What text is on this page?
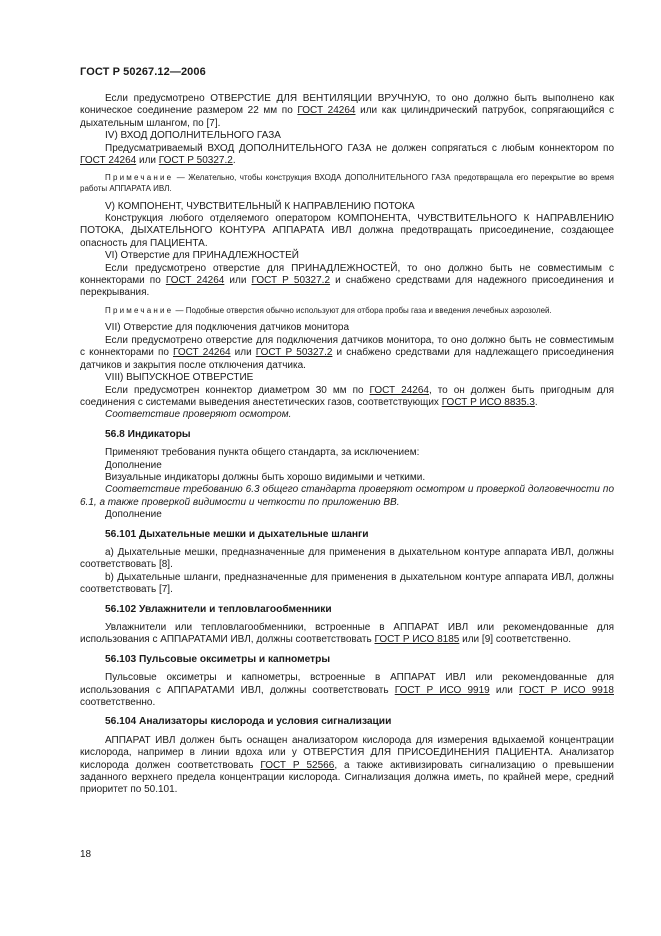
ГОСТ Р 50267.12—2006

Если предусмотрено ОТВЕРСТИЕ ДЛЯ ВЕНТИЛЯЦИИ ВРУЧНУЮ, то оно должно быть выполнено как коническое соединение размером 22 мм по ГОСТ 24264 или как цилиндрический патрубок, сопрягающийся с дыхательным шлангом, по [7].

IV) ВХОД ДОПОЛНИТЕЛЬНОГО ГАЗА

Предусматриваемый ВХОД ДОПОЛНИТЕЛЬНОГО ГАЗА не должен сопрягаться с любым коннектором по ГОСТ 24264 или ГОСТ Р 50327.2.

Примечание — Желательно, чтобы конструкция ВХОДА ДОПОЛНИТЕЛЬНОГО ГАЗА предотвращала его перекрытие во время работы АППАРАТА ИВЛ.

V) КОМПОНЕНТ, ЧУВСТВИТЕЛЬНЫЙ К НАПРАВЛЕНИЮ ПОТОКА

Конструкция любого отделяемого оператором КОМПОНЕНТА, ЧУВСТВИТЕЛЬНОГО К НАПРАВЛЕНИЮ ПОТОКА, ДЫХАТЕЛЬНОГО КОНТУРА АППАРАТА ИВЛ должна предотвращать присоединение, создающее опасность для ПАЦИЕНТА.

VI) Отверстие для ПРИНАДЛЕЖНОСТЕЙ

Если предусмотрено отверстие для ПРИНАДЛЕЖНОСТЕЙ, то оно должно быть не совместимым с коннекторами по ГОСТ 24264 или ГОСТ Р 50327.2 и снабжено средствами для надежного присоединения и перекрывания.

Примечание — Подобные отверстия обычно используют для отбора пробы газа и введения лечебных аэрозолей.

VII) Отверстие для подключения датчиков монитора

Если предусмотрено отверстие для подключения датчиков монитора, то оно должно быть не совместимым с коннекторами по ГОСТ 24264 или ГОСТ Р 50327.2 и снабжено средствами для надлежащего присоединения датчиков и закрытия после отключения датчика.

VIII) ВЫПУСКНОЕ ОТВЕРСТИЕ

Если предусмотрен коннектор диаметром 30 мм по ГОСТ 24264, то он должен быть пригодным для соединения с системами выведения анестетических газов, соответствующих ГОСТ Р ИСО 8835.3.

Соответствие проверяют осмотром.

56.8 Индикаторы

Применяют требования пункта общего стандарта, за исключением:

Дополнение

Визуальные индикаторы должны быть хорошо видимыми и четкими.

Соответствие требованию 6.3 общего стандарта проверяют осмотром и проверкой долговечности по 6.1, а также проверкой видимости и четкости по приложению ВВ.

Дополнение

56.101 Дыхательные мешки и дыхательные шланги

a) Дыхательные мешки, предназначенные для применения в дыхательном контуре аппарата ИВЛ, должны соответствовать [8].

b) Дыхательные шланги, предназначенные для применения в дыхательном контуре аппарата ИВЛ, должны соответствовать [7].

56.102 Увлажнители и тепловлагообменники

Увлажнители или тепловлагообменники, встроенные в АППАРАТ ИВЛ или рекомендованные для использования с АППАРАТАМИ ИВЛ, должны соответствовать ГОСТ Р ИСО 8185 или [9] соответственно.

56.103 Пульсовые оксиметры и капнометры

Пульсовые оксиметры и капнометры, встроенные в АППАРАТ ИВЛ или рекомендованные для использования с АППАРАТАМИ ИВЛ, должны соответствовать ГОСТ Р ИСО 9919 или ГОСТ Р ИСО 9918 соответственно.

56.104 Анализаторы кислорода и условия сигнализации

АППАРАТ ИВЛ должен быть оснащен анализатором кислорода для измерения вдыхаемой концентрации кислорода, например в линии вдоха или у ОТВЕРСТИЯ ДЛЯ ПРИСОЕДИНЕНИЯ ПАЦИЕНТА. Анализатор кислорода должен соответствовать ГОСТ Р 52566, а также активизировать сигнализацию о превышении заданного верхнего предела концентрации кислорода. Сигнализация должна иметь, по крайней мере, средний приоритет по 50.101.

18
